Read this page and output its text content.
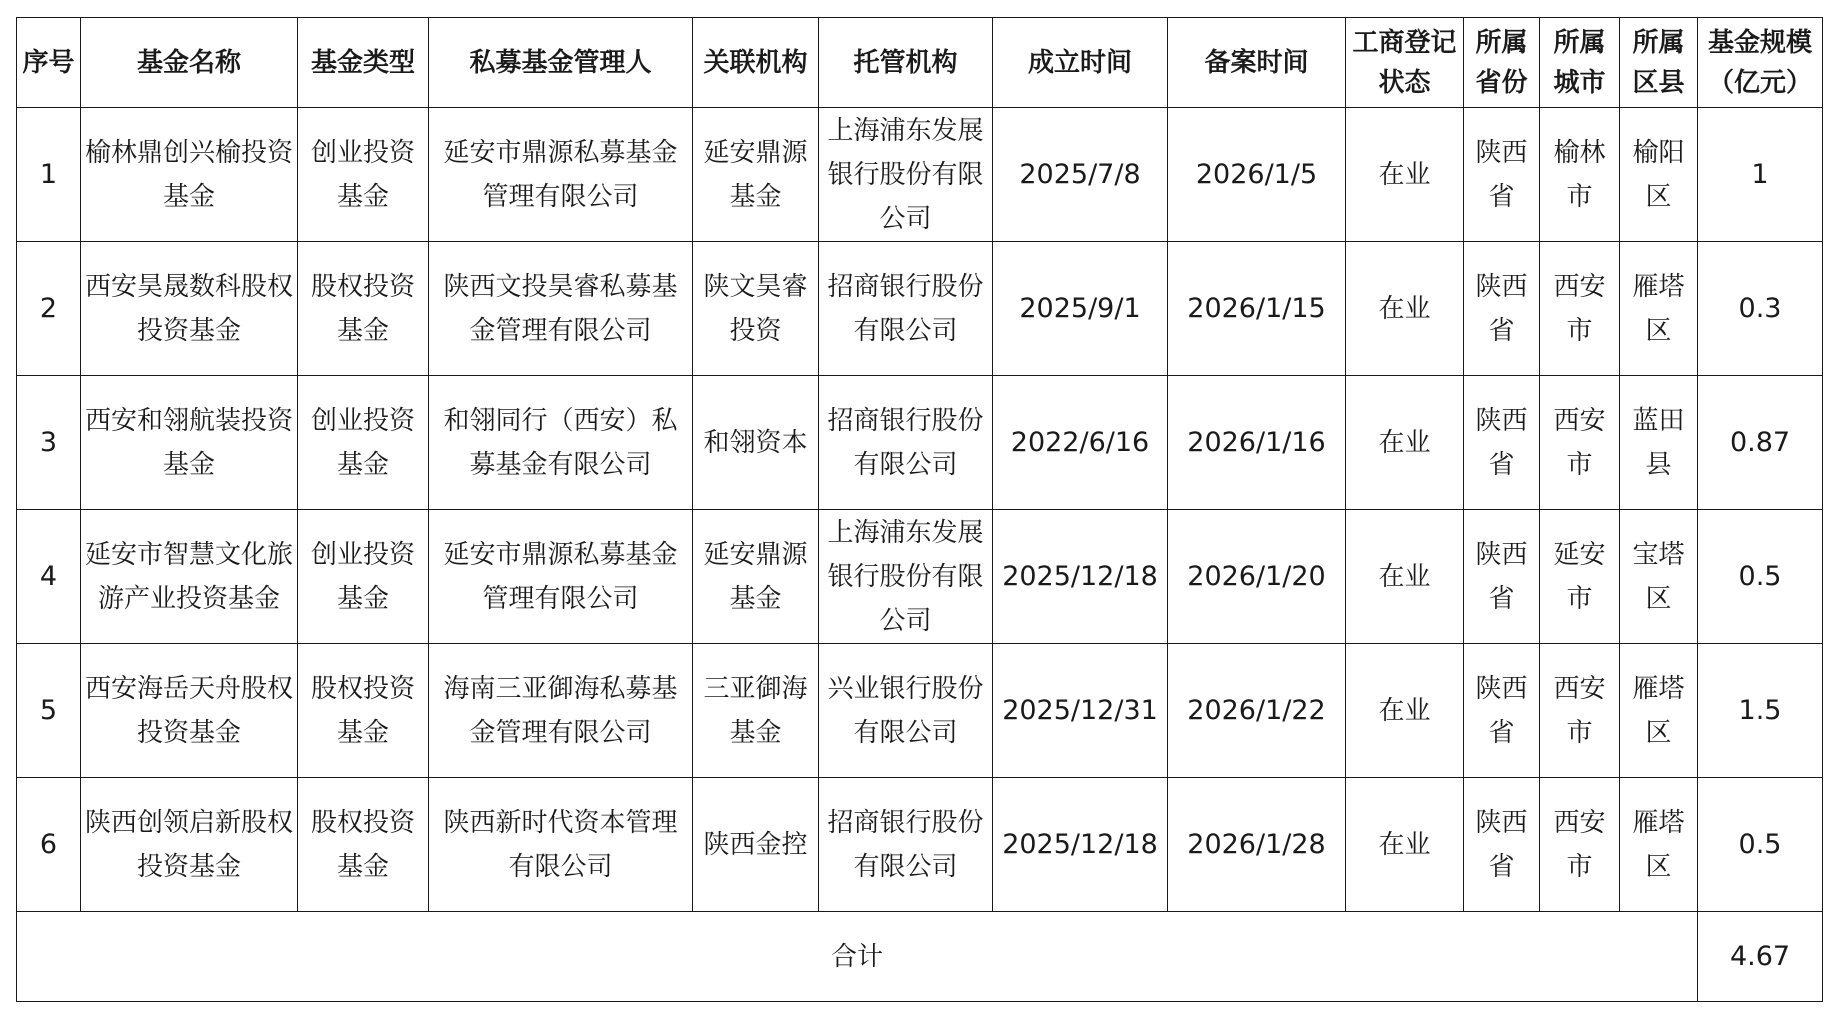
序号	基金名称	基金类型	私募基金管理人	关联机构	托管机构	成立时间	备案时间	工商登记状态	所属省份	所属城市	所属区县	基金规模（亿元）
1	榆林鼎创兴榆投资基金	创业投资基金	延安市鼎源私募基金管理有限公司	延安鼎源基金	上海浦东发展银行股份有限公司	2025/7/8	2026/1/5	在业	陕西省	榆林市	榆阳区	1
2	西安昊晟数科股权投资基金	股权投资基金	陕西文投昊睿私募基金管理有限公司	陕文昊睿投资	招商银行股份有限公司	2025/9/1	2026/1/15	在业	陕西省	西安市	雁塔区	0.3
3	西安和翎航装投资基金	创业投资基金	和翎同行（西安）私募基金有限公司	和翎资本	招商银行股份有限公司	2022/6/16	2026/1/16	在业	陕西省	西安市	蓝田县	0.87
4	延安市智慧文化旅游产业投资基金	创业投资基金	延安市鼎源私募基金管理有限公司	延安鼎源基金	上海浦东发展银行股份有限公司	2025/12/18	2026/1/20	在业	陕西省	延安市	宝塔区	0.5
5	西安海岳天舟股权投资基金	股权投资基金	海南三亚御海私募基金管理有限公司	三亚御海基金	兴业银行股份有限公司	2025/12/31	2026/1/22	在业	陕西省	西安市	雁塔区	1.5
6	陕西创领启新股权投资基金	股权投资基金	陕西新时代资本管理有限公司	陕西金控	招商银行股份有限公司	2025/12/18	2026/1/28	在业	陕西省	西安市	雁塔区	0.5
合计												4.67
